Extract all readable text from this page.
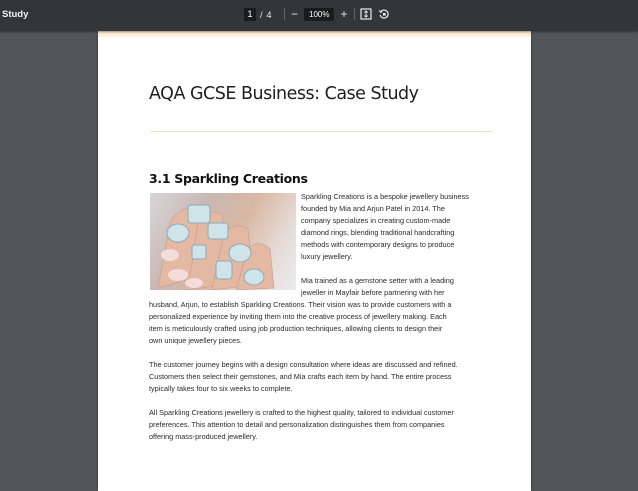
Study	1 / 4 −	100% +
AQA GCSE Business: Case Study
3.1 Sparkling Creations
Sparkling Creations is a bespoke jewellery business
founded by Mia and Arjun Patel in 2014. The
company specializes in creating custom-made
diamond rings, blending traditional handcrafting
methods with contemporary designs to produce
luxury jewellery.
Mia trained as a gemstone setter with a leading
jeweller in Mayfair before partnering with her
husband, Arjun, to establish Sparkling Creations. Their vision was to provide customers with a
personalized experience by inviting them into the creative process of jewellery making. Each
item is meticulously crafted using job production techniques, allowing clients to design their
own unique jewellery pieces.
The customer journey begins with a design consultation where ideas are discussed and refined.
Customers then select their gemstones, and Mia crafts each item by hand. The entire process
typically takes four to six weeks to complete.
All Sparkling Creations jewellery is crafted to the highest quality, tailored to individual customer
preferences. This attention to detail and personalization distinguishes them from companies
offering mass-produced jewellery.
